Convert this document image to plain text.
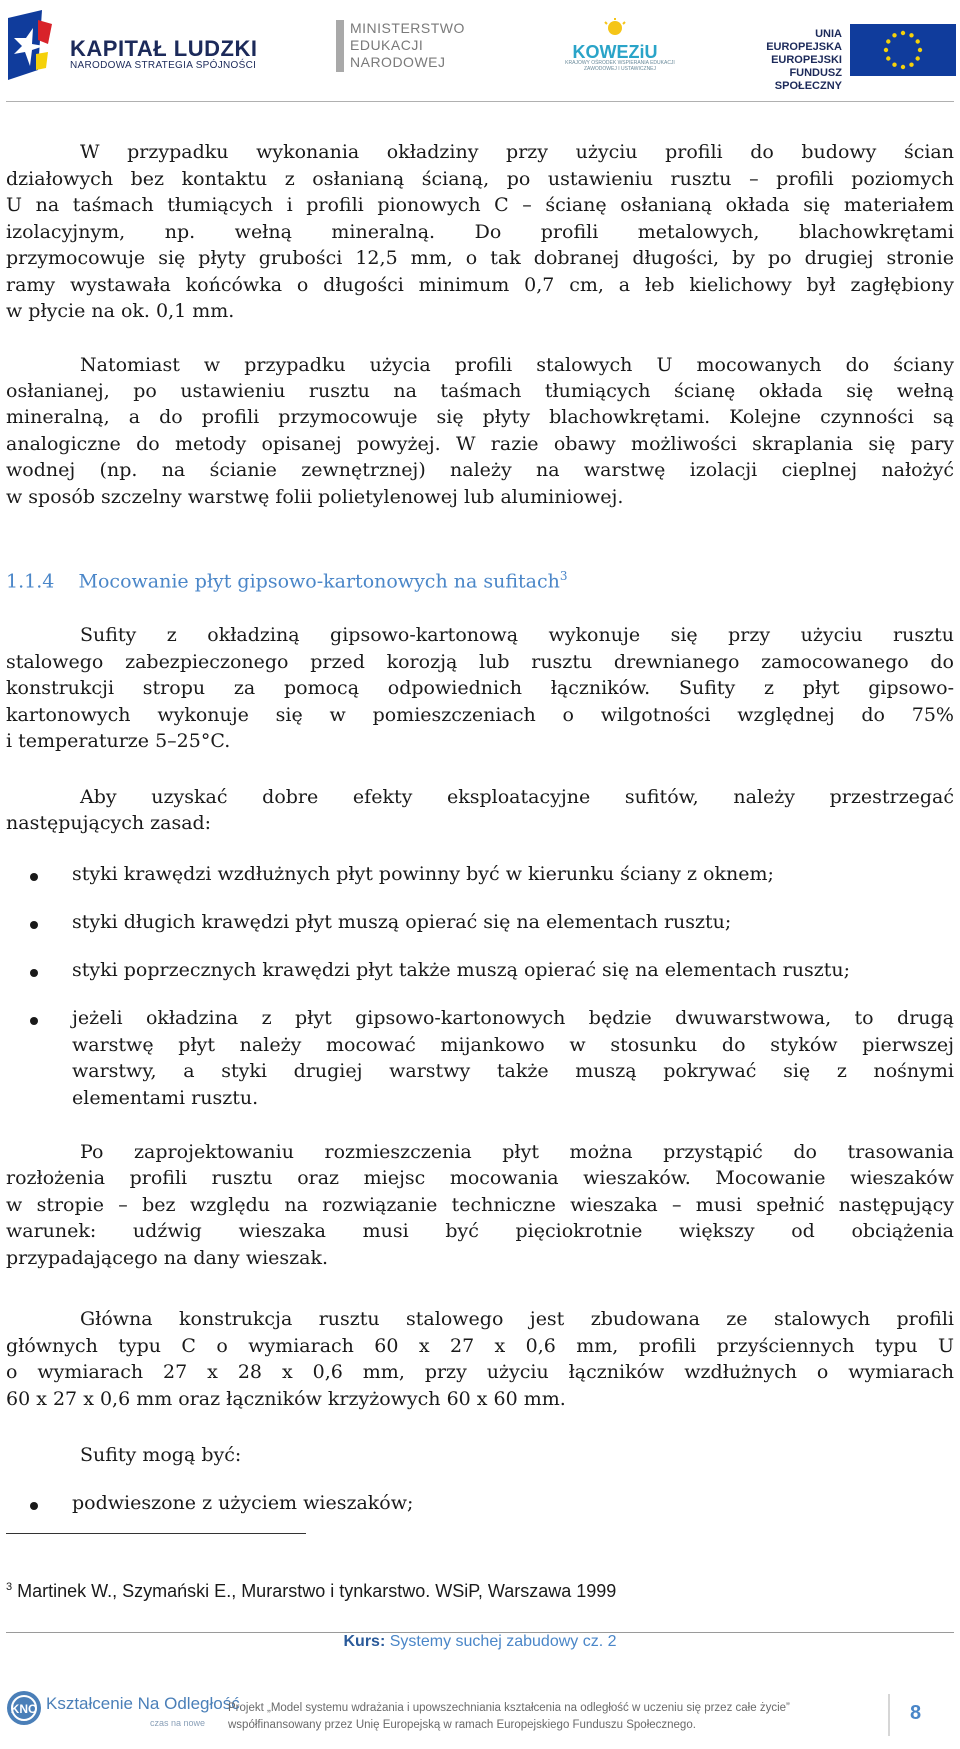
KAPITAŁ LUDZKI
NARODOWA STRATEGIA SPÓJNOŚCI
MINISTERSTWO
EDUKACJI
NARODOWEJ	KOWEZiU
KRAJOWY OŚRODEK WSPIERANIA EDUKACJI ZAWODOWEJ I USTAWICZNEJ
UNIA EUROPEJSKA
EUROPEJSKI
FUNDUSZ SPOŁECZNY
W przypadku wykonania okładziny przy użyciu profili do budowy ścian
działowych bez kontaktu z osłanianą ścianą, po ustawieniu rusztu – profili poziomych
U na taśmach tłumiących i profili pionowych C – ścianę osłanianą okłada się materiałem
izolacyjnym, np. wełną mineralną. Do profili metalowych, blachowkrętami
przymocowuje się płyty grubości 12,5 mm, o tak dobranej długości, by po drugiej stronie
ramy wystawała końcówka o długości minimum 0,7 cm, a łeb kielichowy był zagłębiony
w płycie na ok. 0,1 mm.
Natomiast w przypadku użycia profili stalowych U mocowanych do ściany
osłanianej, po ustawieniu rusztu na taśmach tłumiących ścianę okłada się wełną
mineralną, a do profili przymocowuje się płyty blachowkrętami. Kolejne czynności są
analogiczne do metody opisanej powyżej. W razie obawy możliwości skraplania się pary
wodnej (np. na ścianie zewnętrznej) należy na warstwę izolacji cieplnej nałożyć
w sposób szczelny warstwę folii polietylenowej lub aluminiowej.
1.1.4 Mocowanie płyt gipsowo-kartonowych na sufitach$^3$
Sufity z okładziną gipsowo-kartonową wykonuje się przy użyciu rusztu
stalowego zabezpieczonego przed korozją lub rusztu drewnianego zamocowanego do
konstrukcji stropu za pomocą odpowiednich łączników. Sufity z płyt gipsowo-
kartonowych wykonuje się w pomieszczeniach o wilgotności względnej do 75%
i temperaturze 5–25°C.
Aby uzyskać dobre efekty eksploatacyjne sufitów, należy przestrzegać
następujących zasad:
styki krawędzi wzdłużnych płyt powinny być w kierunku ściany z oknem;
styki długich krawędzi płyt muszą opierać się na elementach rusztu;
styki poprzecznych krawędzi płyt także muszą opierać się na elementach rusztu;
jeżeli okładzina z płyt gipsowo-kartonowych będzie dwuwarstwowa, to drugą
warstwę płyt należy mocować mijankowo w stosunku do styków pierwszej
warstwy, a styki drugiej warstwy także muszą pokrywać się z nośnymi
elementami rusztu.
Po zaprojektowaniu rozmieszczenia płyt można przystąpić do trasowania
rozłożenia profili rusztu oraz miejsc mocowania wieszaków. Mocowanie wieszaków
w stropie – bez względu na rozwiązanie techniczne wieszaka – musi spełnić następujący
warunek: udźwig wieszaka musi być pięciokrotnie większy od obciążenia
przypadającego na dany wieszak.
Główna konstrukcja rusztu stalowego jest zbudowana ze stalowych profili
głównych typu C o wymiarach 60 x 27 x 0,6 mm, profili przyściennych typu U
o wymiarach 27 x 28 x 0,6 mm, przy użyciu łączników wzdłużnych o wymiarach
60 x 27 x 0,6 mm oraz łączników krzyżowych 60 x 60 mm.
Sufity mogą być:
podwieszone z użyciem wieszaków;
$^3$ Martinek W., Szymański E., Murarstwo i tynkarstwo. WSiP, Warszawa 1999
Kurs: Systemy suchej zabudowy cz. 2
KNO Kształcenie Na Odległość
czas na nowe
Projekt „Model systemu wdrażania i upowszechniania kształcenia na odległość w uczeniu się przez całe życie”
współfinansowany przez Unię Europejską w ramach Europejskiego Funduszu Społecznego.
8
